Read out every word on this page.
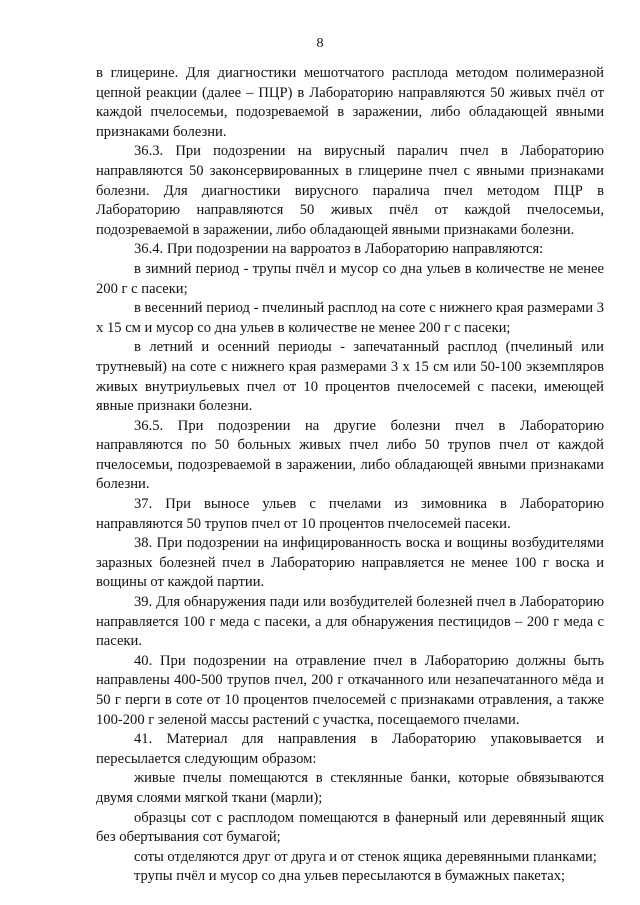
8

в глицерине. Для диагностики мешотчатого расплода методом полимеразной цепной реакции (далее – ПЦР) в Лабораторию направляются 50 живых пчёл от каждой пчелосемьи, подозреваемой в заражении, либо обладающей явными признаками болезни.

36.3. При подозрении на вирусный паралич пчел в Лабораторию направляются 50 законсервированных в глицерине пчел с явными признаками болезни. Для диагностики вирусного паралича пчел методом ПЦР в Лабораторию направляются 50 живых пчёл от каждой пчелосемьи, подозреваемой в заражении, либо обладающей явными признаками болезни.

36.4. При подозрении на варроатоз в Лабораторию направляются:

в зимний период - трупы пчёл и мусор со дна ульев в количестве не менее 200 г с пасеки;

в весенний период - пчелиный расплод на соте с нижнего края размерами 3 х 15 см и мусор со дна ульев в количестве не менее 200 г с пасеки;

в летний и осенний периоды - запечатанный расплод (пчелиный или трутневый) на соте с нижнего края размерами 3 х 15 см или 50-100 экземпляров живых внутриульевых пчел от 10 процентов пчелосемей с пасеки, имеющей явные признаки болезни.

36.5. При подозрении на другие болезни пчел в Лабораторию направляются по 50 больных живых пчел либо 50 трупов пчел от каждой пчелосемьи, подозреваемой в заражении, либо обладающей явными признаками болезни.

37. При выносе ульев с пчелами из зимовника в Лабораторию направляются 50 трупов пчел от 10 процентов пчелосемей пасеки.

38. При подозрении на инфицированность воска и вощины возбудителями заразных болезней пчел в Лабораторию направляется не менее 100 г воска и вощины от каждой партии.

39. Для обнаружения пади или возбудителей болезней пчел в Лабораторию направляется 100 г меда с пасеки, а для обнаружения пестицидов – 200 г меда с пасеки.

40. При подозрении на отравление пчел в Лабораторию должны быть направлены 400-500 трупов пчел, 200 г откачанного или незапечатанного мёда и 50 г перги в соте от 10 процентов пчелосемей с признаками отравления, а также 100-200 г зеленой массы растений с участка, посещаемого пчелами.

41. Материал для направления в Лабораторию упаковывается и пересылается следующим образом:

живые пчелы помещаются в стеклянные банки, которые обвязываются двумя слоями мягкой ткани (марли);

образцы сот с расплодом помещаются в фанерный или деревянный ящик без обертывания сот бумагой;

соты отделяются друг от друга и от стенок ящика деревянными планками;

трупы пчёл и мусор со дна ульев пересылаются в бумажных пакетах;
